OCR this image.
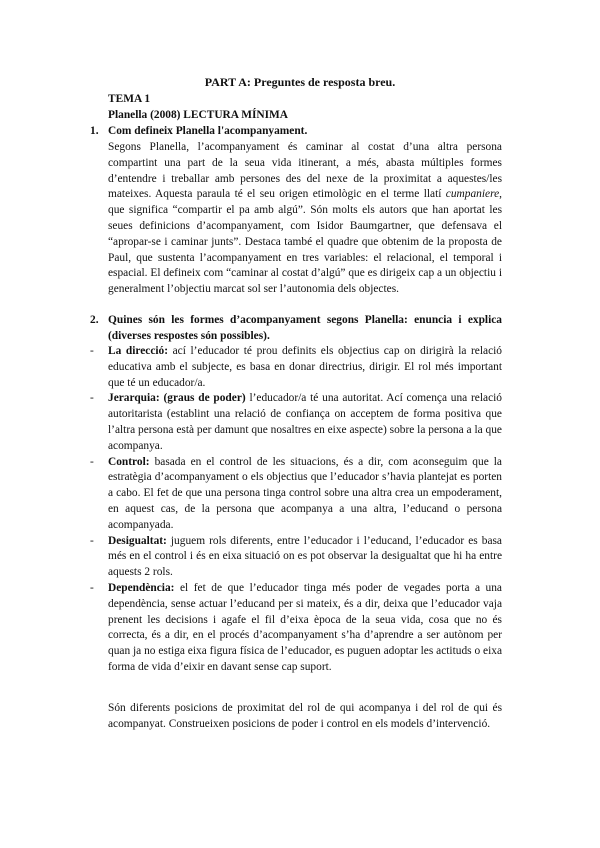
PART A: Preguntes de resposta breu.
TEMA 1
Planella (2008) LECTURA MÍNIMA
1. Com defineix Planella l'acompanyament.
Segons Planella, l’acompanyament és caminar al costat d’una altra persona compartint una part de la seua vida itinerant, a més, abasta múltiples formes d’entendre i treballar amb persones des del nexe de la proximitat a aquestes/les mateixes. Aquesta paraula té el seu origen etimològic en el terme llatí cumpaniere, que significa “compartir el pa amb algú”. Són molts els autors que han aportat les seues definicions d’acompanyament, com Isidor Baumgartner, que defensava el “apropar-se i caminar junts”. Destaca també el quadre que obtenim de la proposta de Paul, que sustenta l’acompanyament en tres variables: el relacional, el temporal i espacial. El defineix com “caminar al costat d’algú” que es dirigeix cap a un objectiu i generalment l’objectiu marcat sol ser l’autonomia dels objectes.
2. Quines són les formes d’acompanyament segons Planella: enuncia i explica (diverses respostes són possibles).
- La direcció: ací l’educador té prou definits els objectius cap on dirigirà la relació educativa amb el subjecte, es basa en donar directrius, dirigir. El rol més important que té un educador/a.
- Jerarquia: (graus de poder) l’educador/a té una autoritat. Ací comença una relació autoritarista (establint una relació de confiança on acceptem de forma positiva que l’altra persona està per damunt que nosaltres en eixe aspecte) sobre la persona a la que acompanya.
- Control: basada en el control de les situacions, és a dir, com aconseguim que la estratègia d’acompanyament o els objectius que l’educador s’havia plantejat es porten a cabo. El fet de que una persona tinga control sobre una altra crea un empoderament, en aquest cas, de la persona que acompanya a una altra, l’educand o persona acompanyada.
- Desigualtat: juguem rols diferents, entre l’educador i l’educand, l’educador es basa més en el control i és en eixa situació on es pot observar la desigualtat que hi ha entre aquests 2 rols.
- Dependència: el fet de que l’educador tinga més poder de vegades porta a una dependència, sense actuar l’educand per si mateix, és a dir, deixa que l’educador vaja prenent les decisions i agafe el fil d’eixa època de la seua vida, cosa que no és correcta, és a dir, en el procés d’acompanyament s’ha d’aprendre a ser autònom per quan ja no estiga eixa figura física de l’educador, es puguen adoptar les actituds o eixa forma de vida d’eixir en davant sense cap suport.
Són diferents posicions de proximitat del rol de qui acompanya i del rol de qui és acompanyat. Construeixen posicions de poder i control en els models d’intervenció.
